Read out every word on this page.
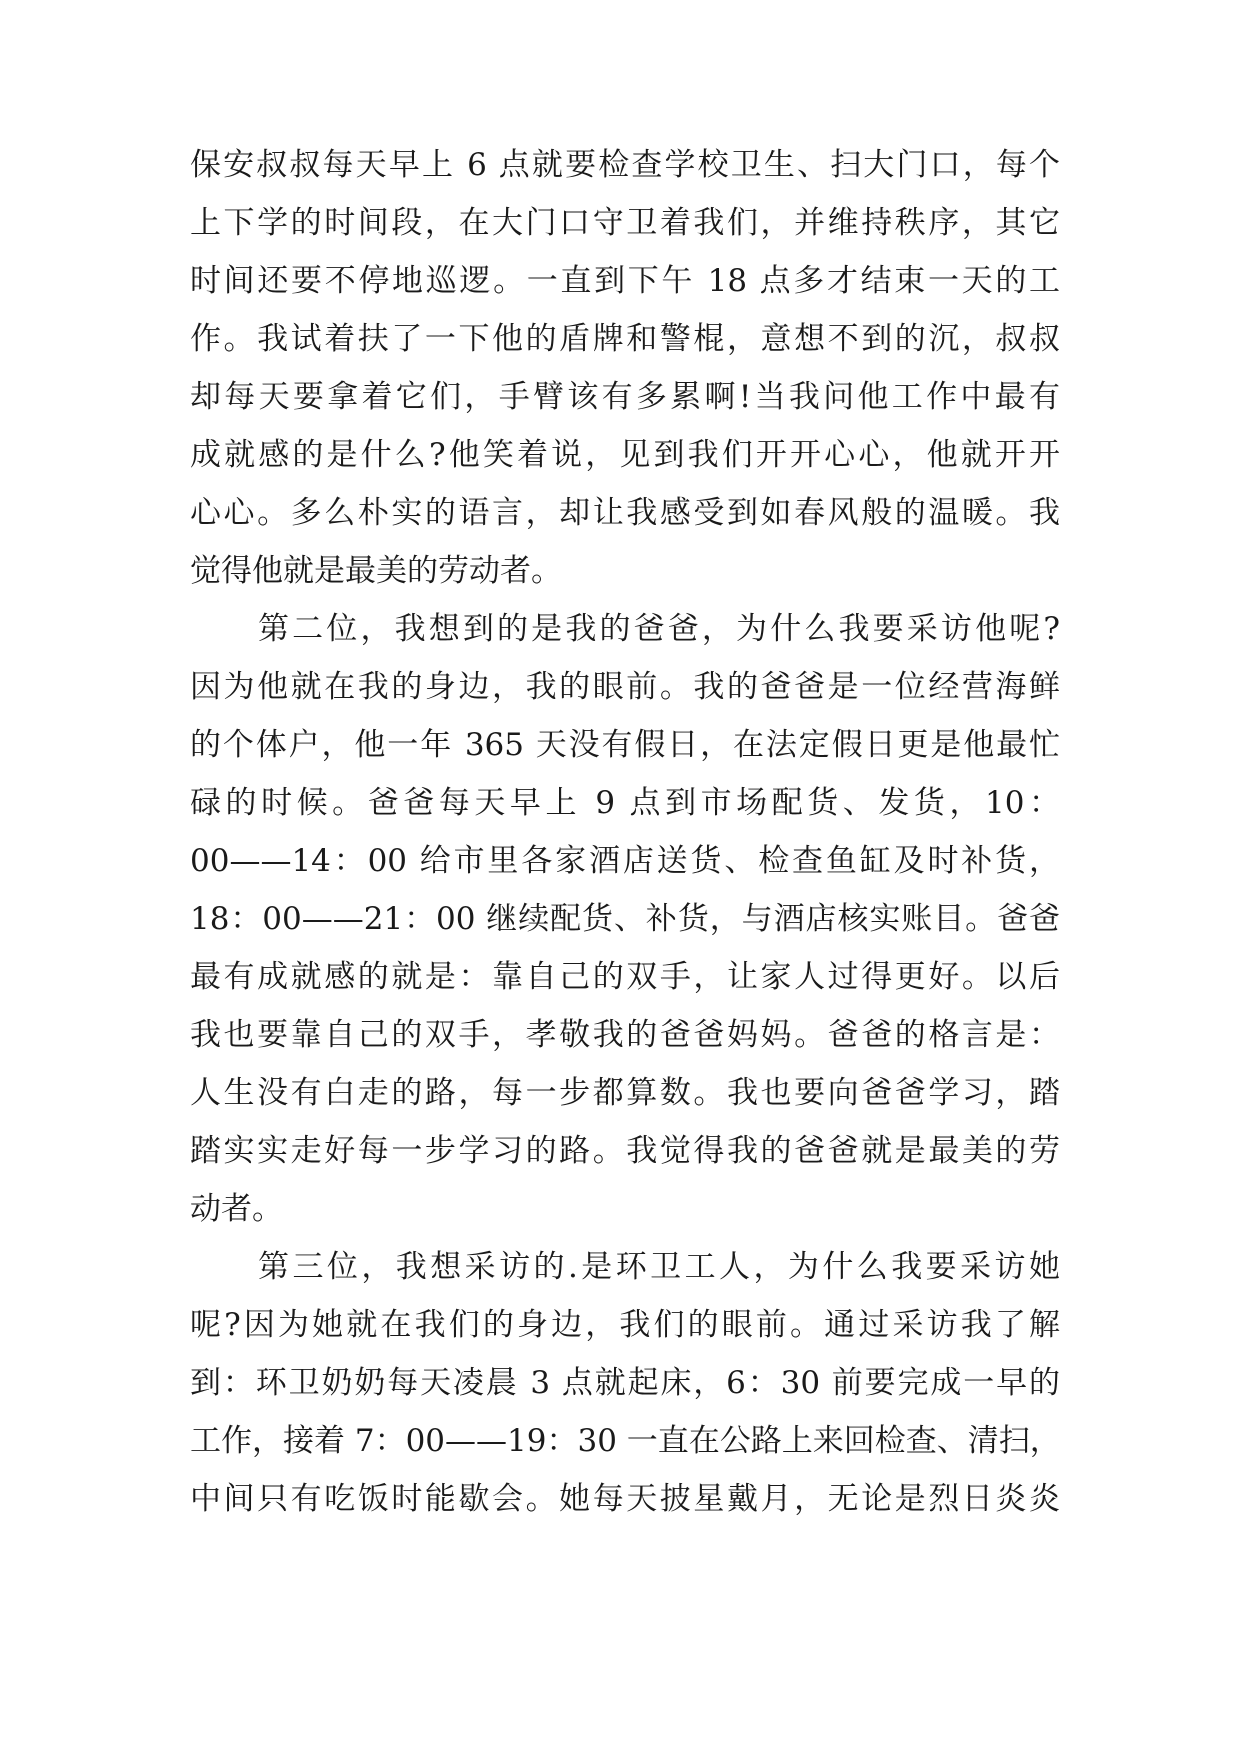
保安叔叔每天早上 6 点就要检查学校卫生、扫大门口，每个
上下学的时间段，在大门口守卫着我们，并维持秩序，其它
时间还要不停地巡逻。一直到下午 18 点多才结束一天的工
作。我试着扶了一下他的盾牌和警棍，意想不到的沉，叔叔
却每天要拿着它们，手臂该有多累啊!当我问他工作中最有
成就感的是什么?他笑着说，见到我们开开心心，他就开开
心心。多么朴实的语言，却让我感受到如春风般的温暖。我
觉得他就是最美的劳动者。
第二位，我想到的是我的爸爸，为什么我要采访他呢?
因为他就在我的身边，我的眼前。我的爸爸是一位经营海鲜
的个体户，他一年 365 天没有假日，在法定假日更是他最忙
碌的时候。爸爸每天早上 9 点到市场配货、发货，10：
00——14：00 给市里各家酒店送货、检查鱼缸及时补货，
18：00——21：00 继续配货、补货，与酒店核实账目。爸爸
最有成就感的就是：靠自己的双手，让家人过得更好。以后
我也要靠自己的双手，孝敬我的爸爸妈妈。爸爸的格言是：
人生没有白走的路，每一步都算数。我也要向爸爸学习，踏
踏实实走好每一步学习的路。我觉得我的爸爸就是最美的劳
动者。
第三位，我想采访的.是环卫工人，为什么我要采访她
呢?因为她就在我们的身边，我们的眼前。通过采访我了解
到：环卫奶奶每天凌晨 3 点就起床，6：30 前要完成一早的
工作，接着 7：00——19：30 一直在公路上来回检查、清扫，
中间只有吃饭时能歇会。她每天披星戴月，无论是烈日炎炎
